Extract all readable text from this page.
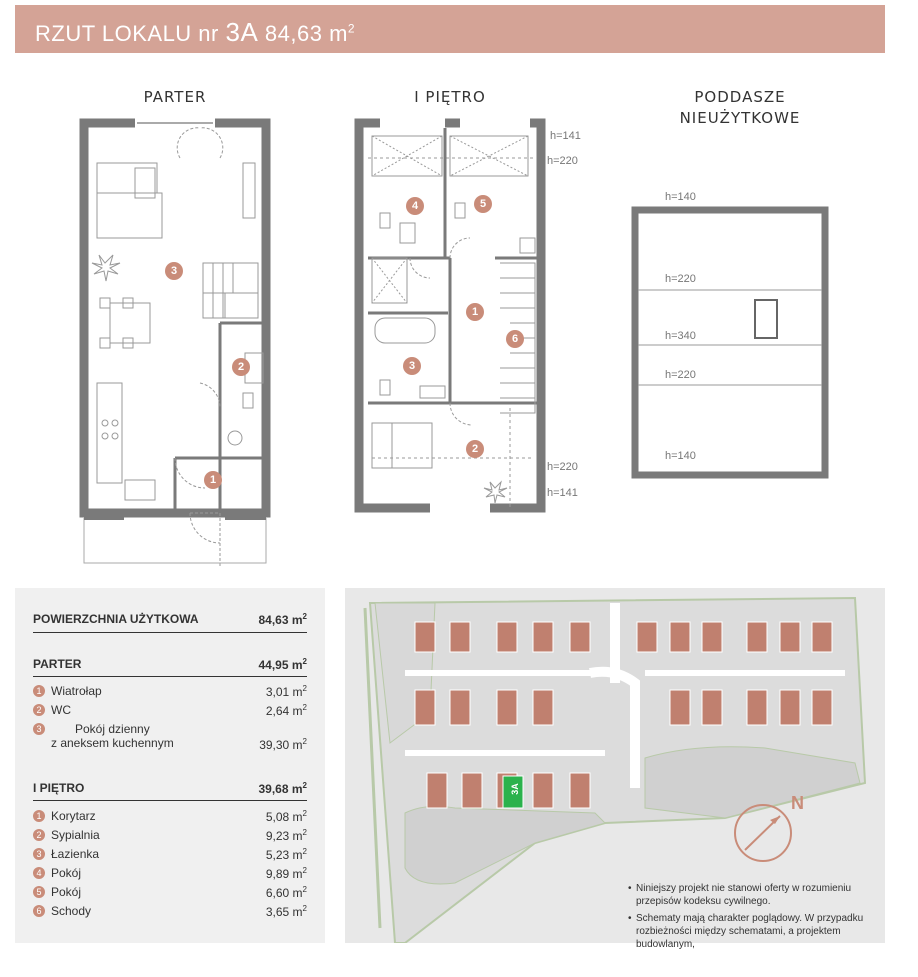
RZUT LOKALU nr 3A 84,63 $m^2$
PARTER	I PIĘTRO	PODDASZE
NIEUŻYTKOWE
3
2
1
4	5
1
6
3
2
h=141
h=220
h=220
h=141
h=140
h=220
h=340
h=220
h=140
POWIERZCHNIA UŻYTKOWA	84,63 $m^2$
PARTER	44,95 $m^2$
1 Wiatrołap	3,01 $m^2$
2 WC	2,64 $m^2$
3	Pokój dzienny
z aneksem kuchennym	39,30 $m^2$
I PIĘTRO	39,68 $m^2$
1 Korytarz	5,08 $m^2$
2 Sypialnia	9,23 $m^2$
3 Łazienka	5,23 $m^2$
4 Pokój	9,89 $m^2$
5 Pokój	6,60 $m^2$
6 Schody	3,65 $m^2$
3A
N
• Niniejszy projekt nie stanowi oferty w rozumieniu przepisów kodeksu cywilnego.
• Schematy mają charakter poglądowy. W przypadku rozbieżności między schematami, a projektem budowlanym,
